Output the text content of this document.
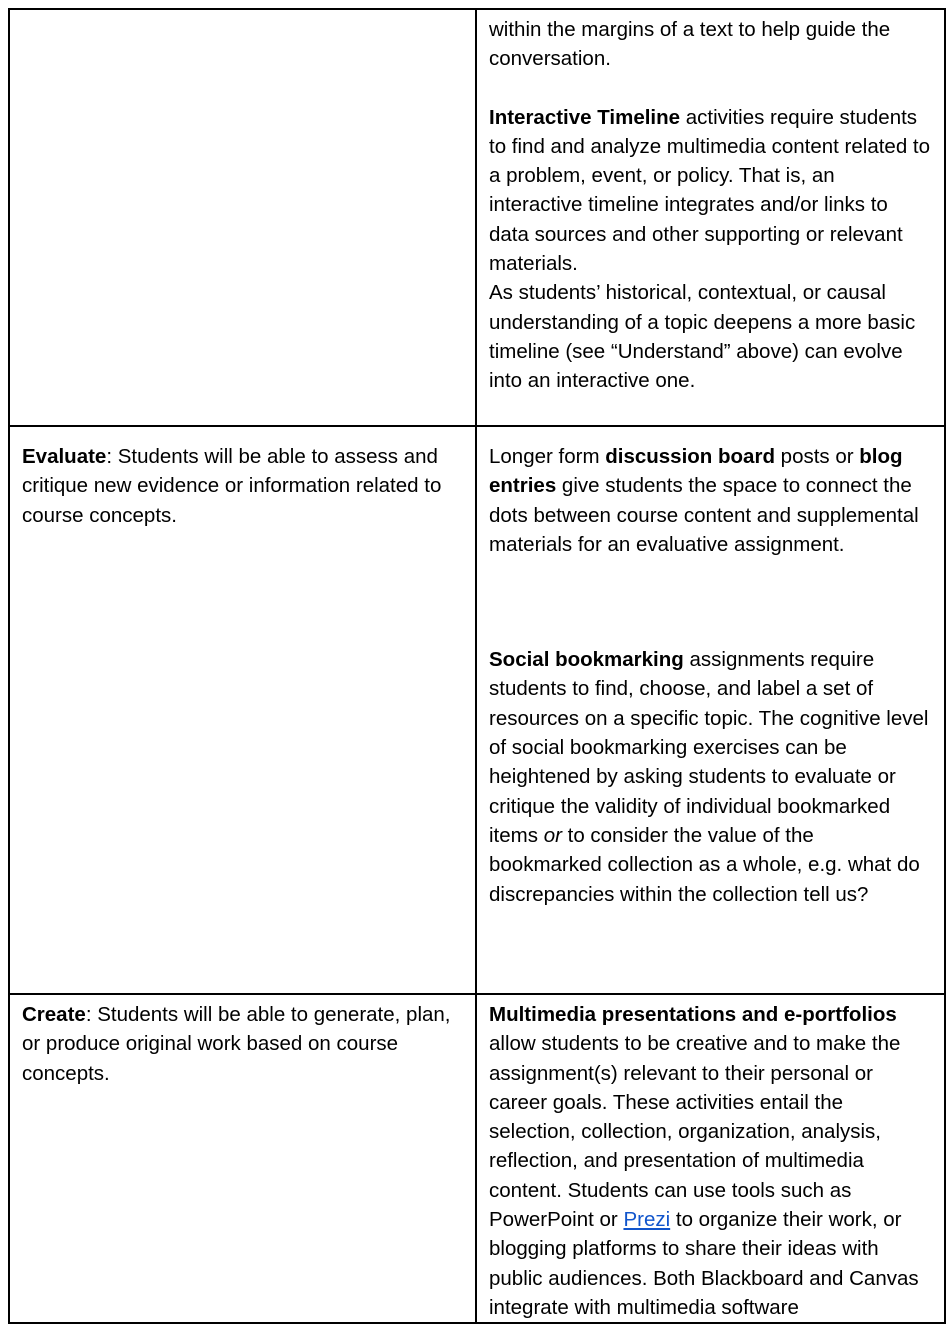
	within the margins of a text to help guide the conversation.

Interactive Timeline activities require students to find and analyze multimedia content related to a problem, event, or policy. That is, an interactive timeline integrates and/or links to data sources and other supporting or relevant materials.

As students’ historical, contextual, or causal understanding of a topic deepens a more basic timeline (see “Understand” above) can evolve into an interactive one.

Evaluate: Students will be able to assess and critique new evidence or information related to course concepts.	Longer form discussion board posts or blog entries give students the space to connect the dots between course content and supplemental materials for an evaluative assignment.

Social bookmarking assignments require students to find, choose, and label a set of resources on a specific topic. The cognitive level of social bookmarking exercises can be heightened by asking students to evaluate or critique the validity of individual bookmarked items or to consider the value of the bookmarked collection as a whole, e.g. what do discrepancies within the collection tell us?

Create: Students will be able to generate, plan, or produce original work based on course concepts.	Multimedia presentations and e-portfolios allow students to be creative and to make the assignment(s) relevant to their personal or career goals. These activities entail the selection, collection, organization, analysis, reflection, and presentation of multimedia content. Students can use tools such as PowerPoint or Prezi to organize their work, or blogging platforms to share their ideas with public audiences. Both Blackboard and Canvas integrate with multimedia software
